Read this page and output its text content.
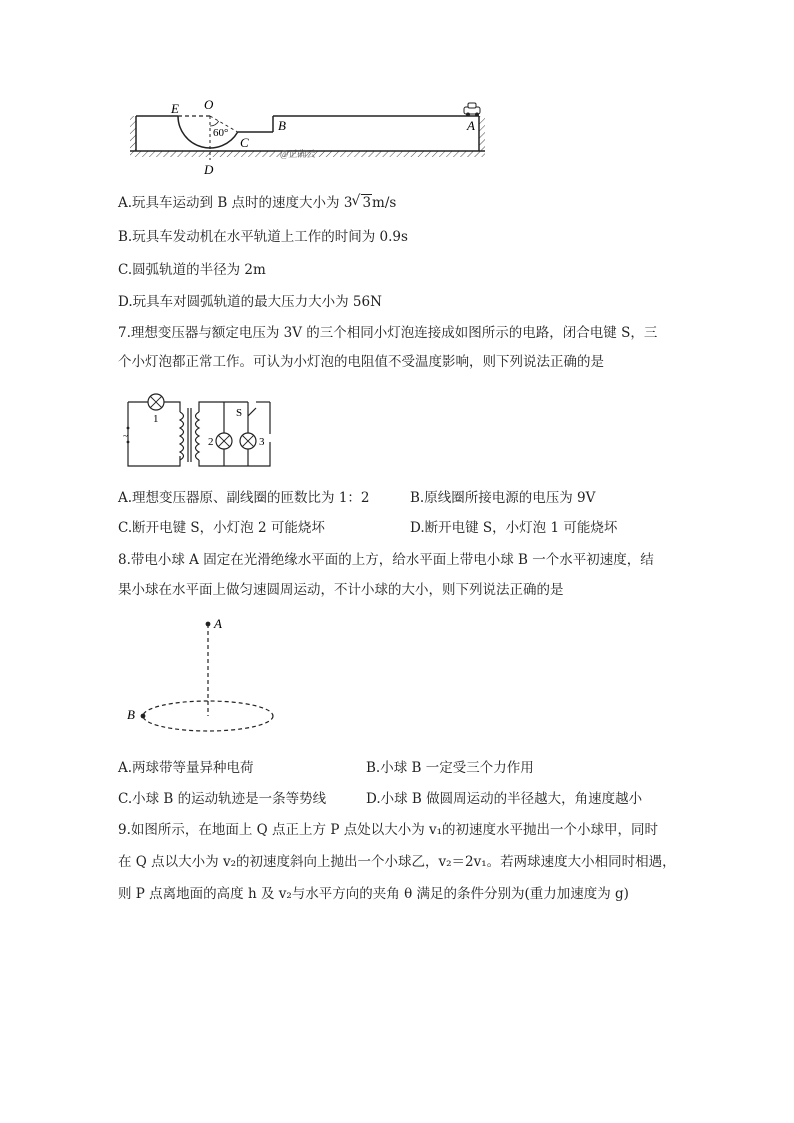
E O
60°
C
B	A
D
@正确云
A.玩具车运动到 B 点时的速度大小为 3√ 3m/s
B.玩具车发动机在水平轨道上工作的时间为 0.9s
C.圆弧轨道的半径为 2m
D.玩具车对圆弧轨道的最大压力大小为 56N
7.理想变压器与额定电压为 3V 的三个相同小灯泡连接成如图所示的电路，闭合电键 S，三
个小灯泡都正常工作。可认为小灯泡的电阻值不受温度影响，则下列说法正确的是
~
1
2	3
S
A.理想变压器原、副线圈的匝数比为 1：2	B.原线圈所接电源的电压为 9V
C.断开电键 S，小灯泡 2 可能烧坏	D.断开电键 S，小灯泡 1 可能烧坏
8.带电小球 A 固定在光滑绝缘水平面的上方，给水平面上带电小球 B 一个水平初速度，结
果小球在水平面上做匀速圆周运动，不计小球的大小，则下列说法正确的是
A
B
A.两球带等量异种电荷	B.小球 B 一定受三个力作用
C.小球 B 的运动轨迹是一条等势线	D.小球 B 做圆周运动的半径越大，角速度越小
9.如图所示，在地面上 Q 点正上方 P 点处以大小为 v₁的初速度水平抛出一个小球甲，同时
在 Q 点以大小为 v₂的初速度斜向上抛出一个小球乙，v₂＝2v₁。若两球速度大小相同时相遇，
则 P 点离地面的高度 h 及 v₂与水平方向的夹角 θ 满足的条件分别为(重力加速度为 g)
